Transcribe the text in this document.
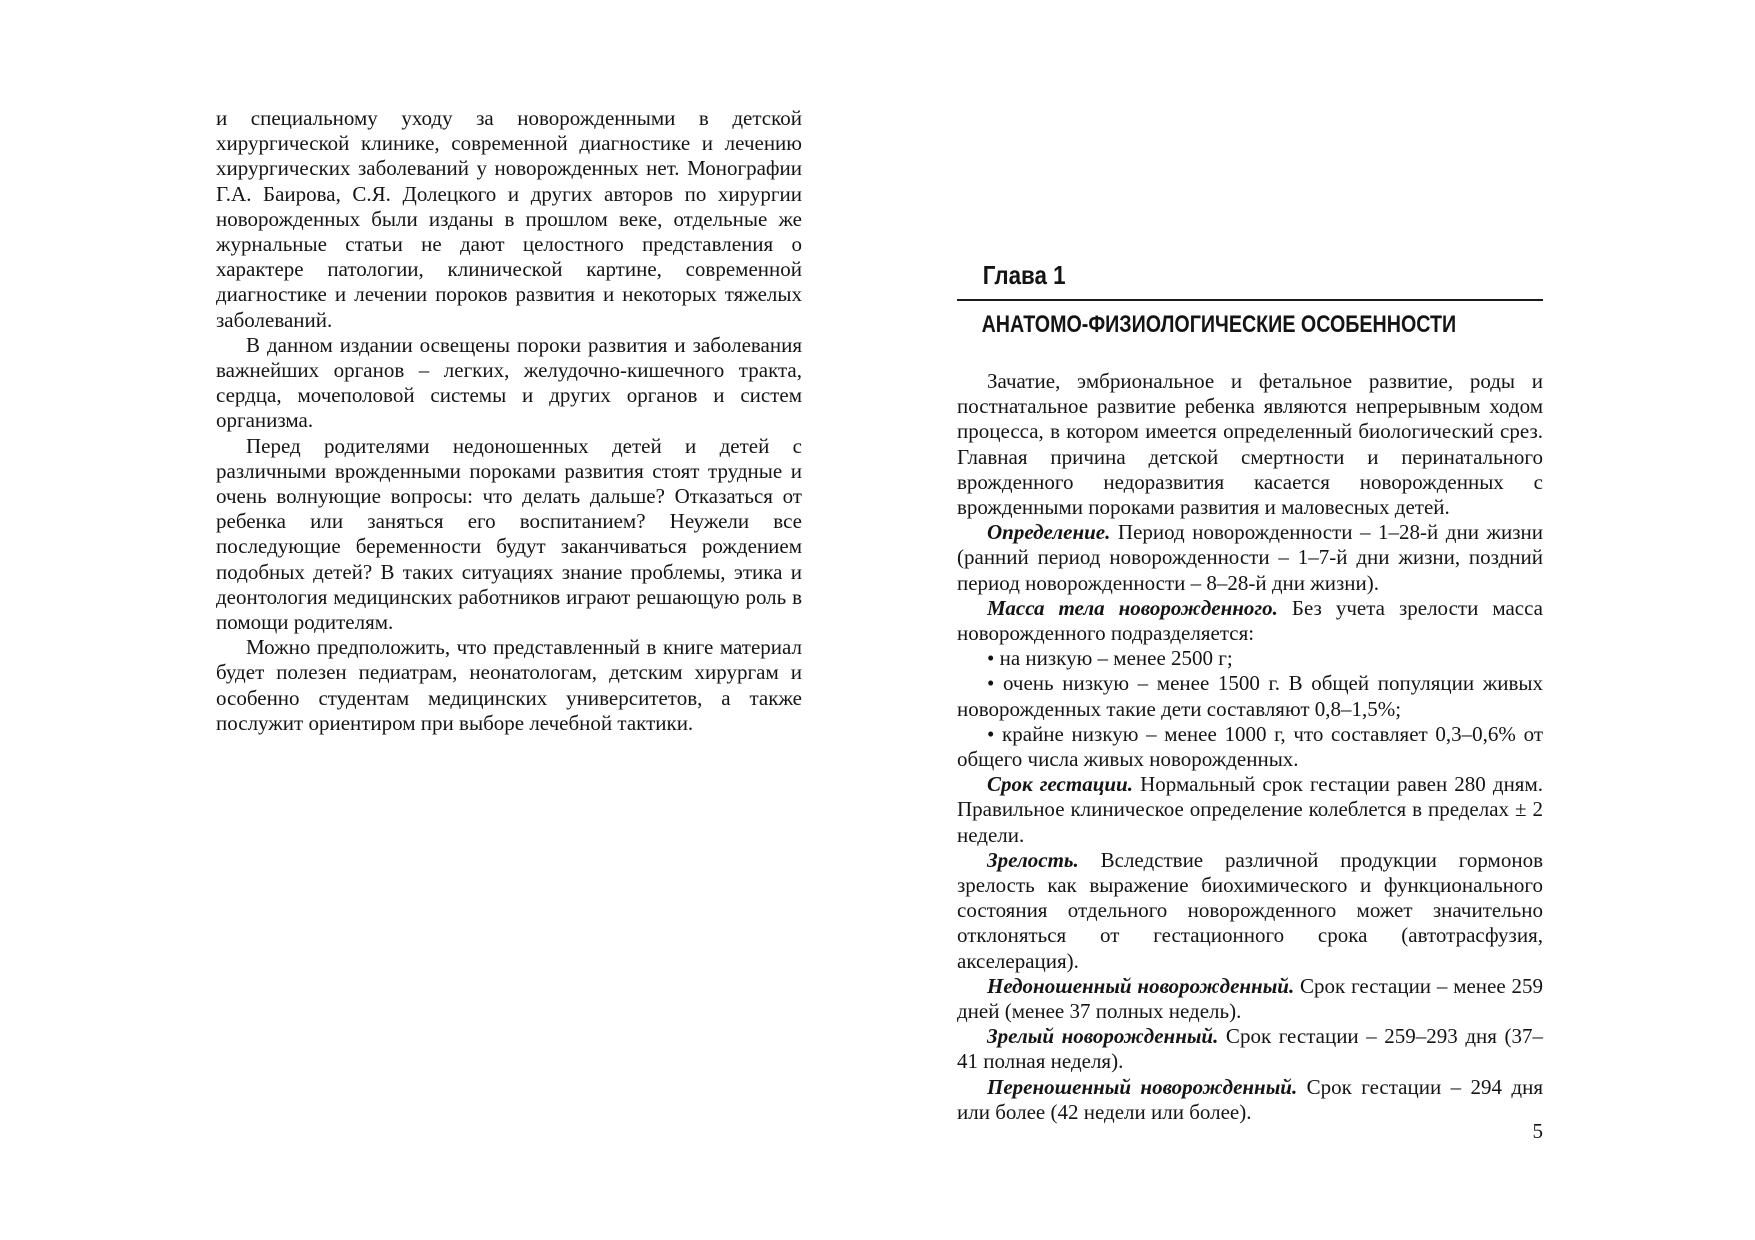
и специальному уходу за новорожденными в детской хирургической клинике, современной диагностике и лечению хирургических заболеваний у новорожденных нет. Монографии Г.А. Баирова, С.Я. Долецкого и других авторов по хирургии новорожденных были изданы в прошлом веке, отдельные же журнальные статьи не дают целостного представления о характере патологии, клинической картине, современной диагностике и лечении пороков развития и некоторых тяжелых заболеваний.

В данном издании освещены пороки развития и заболевания важнейших органов – легких, желудочно-кишечного тракта, сердца, мочеполовой системы и других органов и систем организма.

Перед родителями недоношенных детей и детей с различными врожденными пороками развития стоят трудные и очень волнующие вопросы: что делать дальше? Отказаться от ребенка или заняться его воспитанием? Неужели все последующие беременности будут заканчиваться рождением подобных детей? В таких ситуациях знание проблемы, этика и деонтология медицинских работников играют решающую роль в помощи родителям.

Можно предположить, что представленный в книге материал будет полезен педиатрам, неонатологам, детским хирургам и особенно студентам медицинских университетов, а также послужит ориентиром при выборе лечебной тактики.

Глава 1
АНАТОМО-ФИЗИОЛОГИЧЕСКИЕ ОСОБЕННОСТИ

Зачатие, эмбриональное и фетальное развитие, роды и постнатальное развитие ребенка являются непрерывным ходом процесса, в котором имеется определенный биологический срез. Главная причина детской смертности и перинатального врожденного недоразвития касается новорожденных с врожденными пороками развития и маловесных детей.

Определение. Период новорожденности – 1–28-й дни жизни (ранний период новорожденности – 1–7-й дни жизни, поздний период новорожденности – 8–28-й дни жизни).

Масса тела новорожденного. Без учета зрелости масса новорожденного подразделяется:

• на низкую – менее 2500 г;

• очень низкую – менее 1500 г. В общей популяции живых новорожденных такие дети составляют 0,8–1,5%;

• крайне низкую – менее 1000 г, что составляет 0,3–0,6% от общего числа живых новорожденных.

Срок гестации. Нормальный срок гестации равен 280 дням. Правильное клиническое определение колеблется в пределах ± 2 недели.

Зрелость. Вследствие различной продукции гормонов зрелость как выражение биохимического и функционального состояния отдельного новорожденного может значительно отклоняться от гестационного срока (автотрасфузия, акселерация).

Недоношенный новорожденный. Срок гестации – менее 259 дней (менее 37 полных недель).

Зрелый новорожденный. Срок гестации – 259–293 дня (37–41 полная неделя).

Переношенный новорожденный. Срок гестации – 294 дня или более (42 недели или более).

5
